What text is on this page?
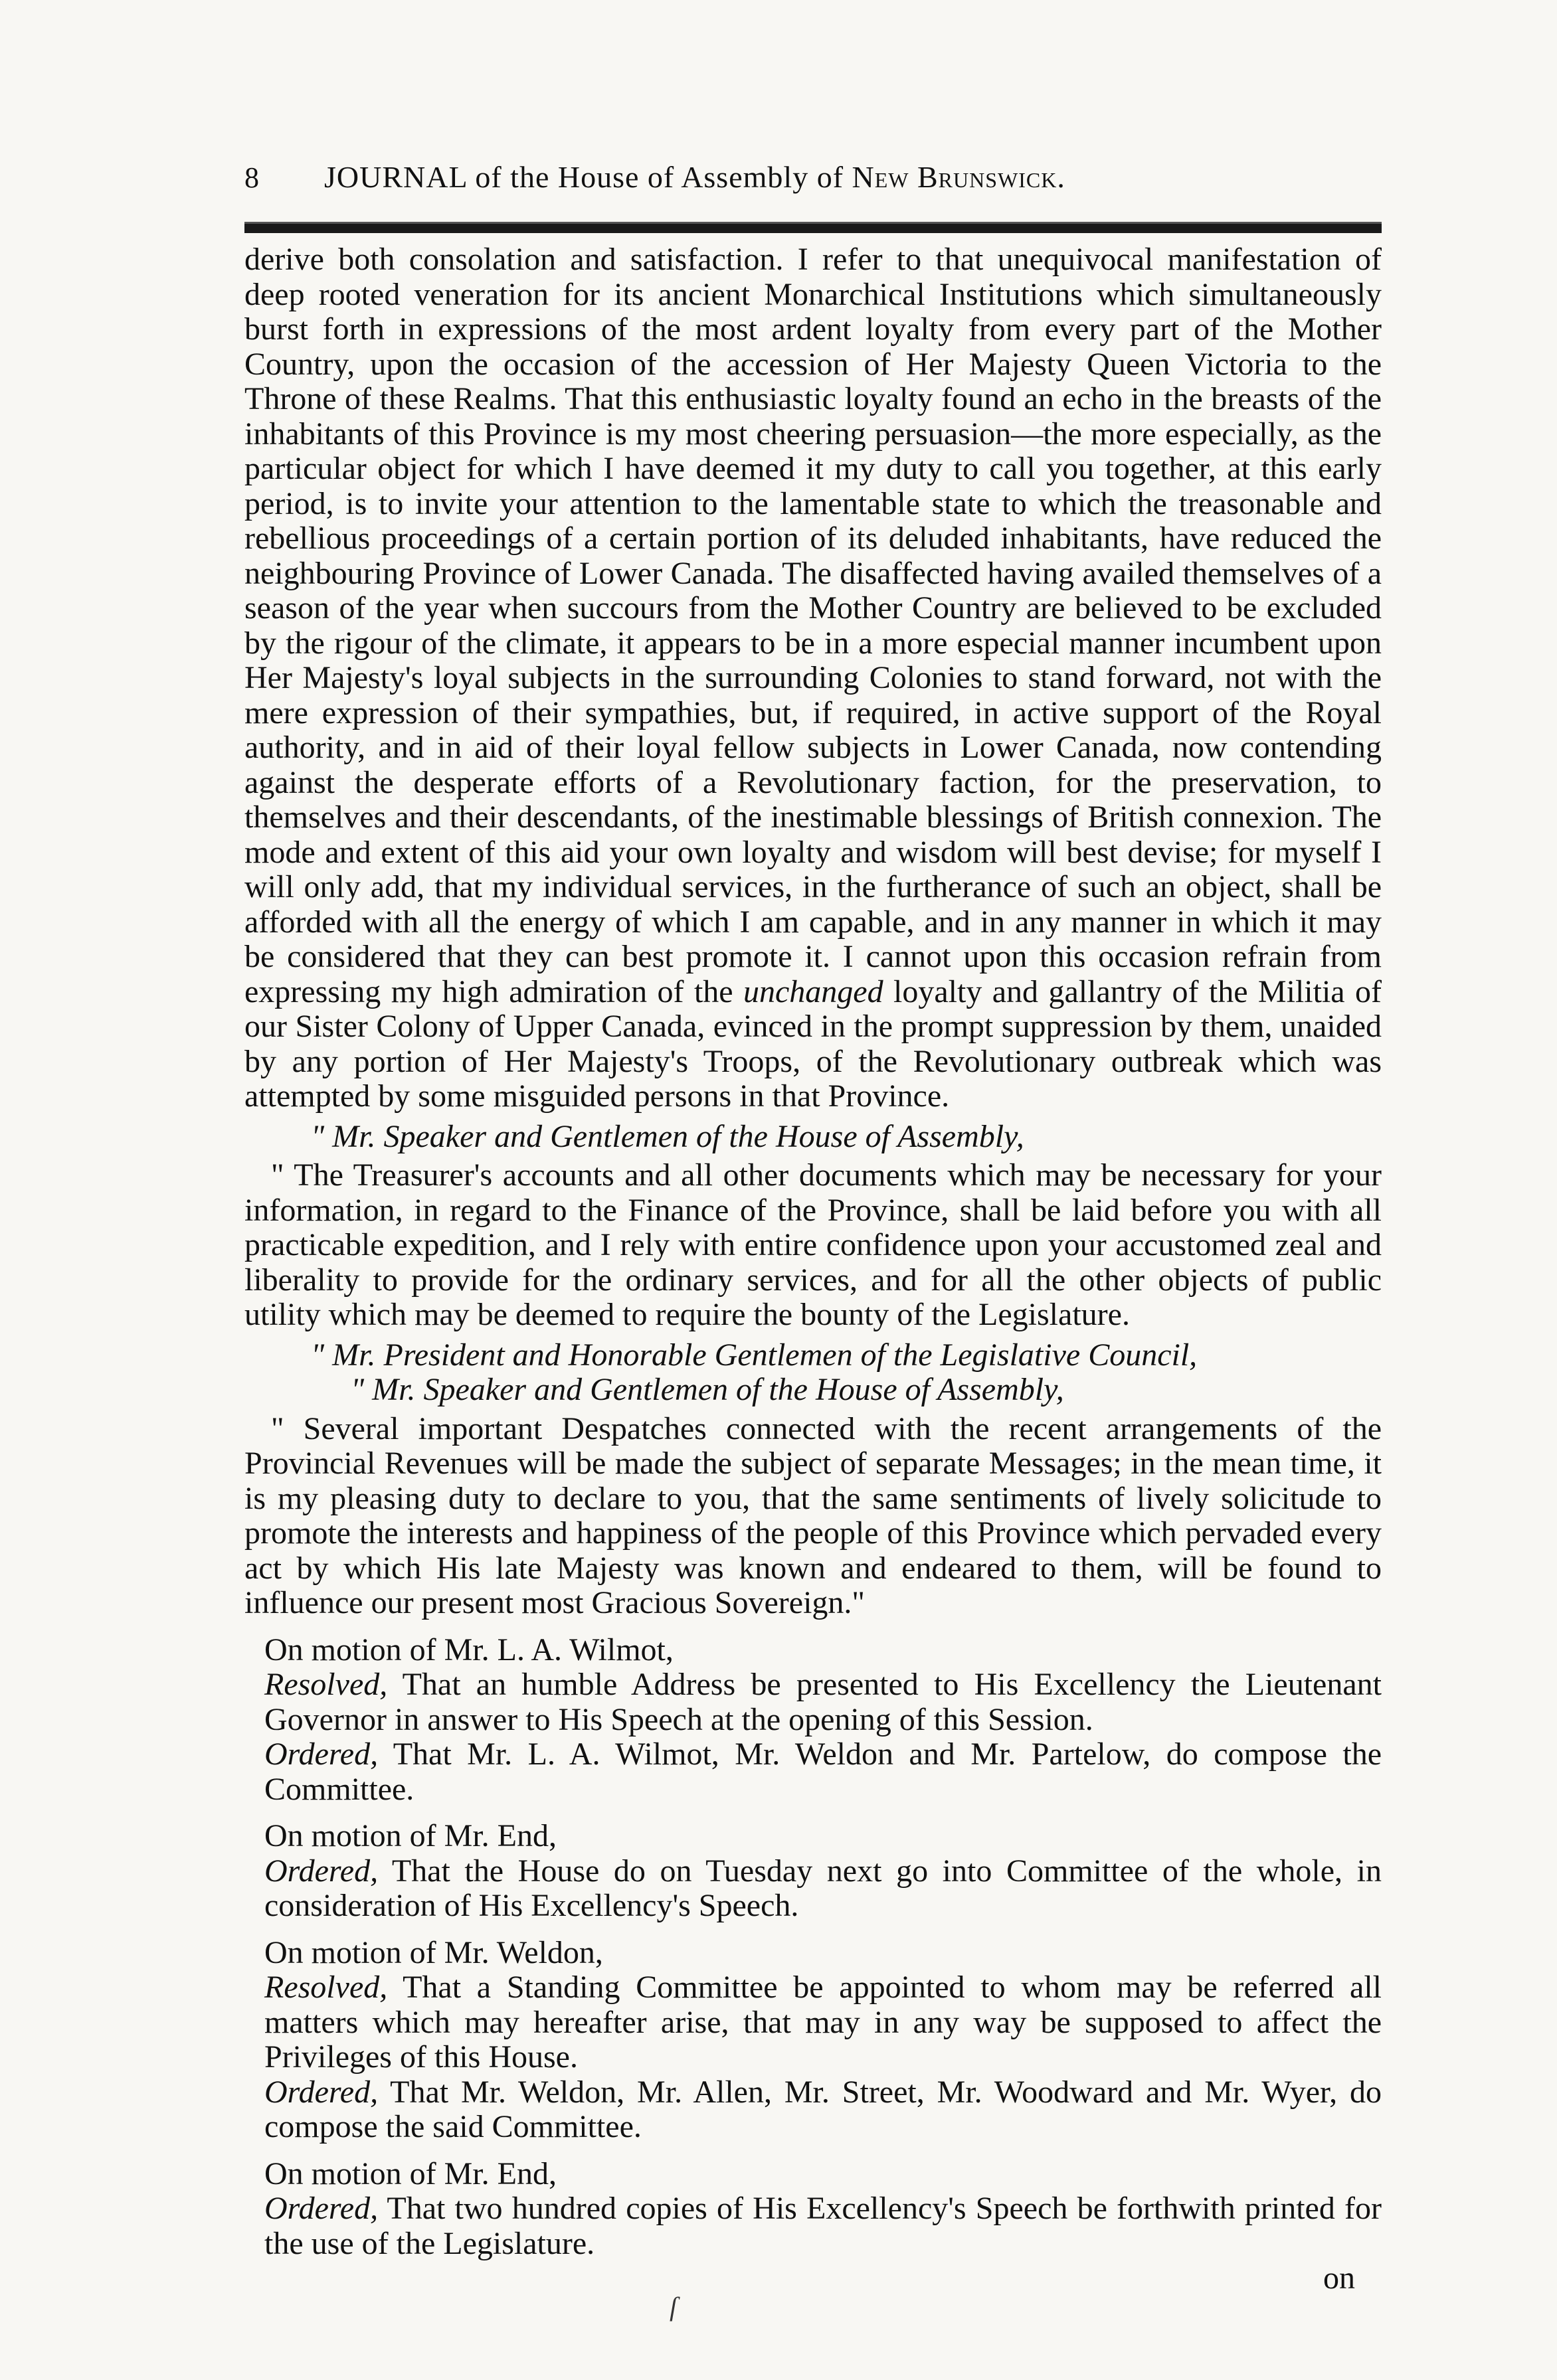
8	JOURNAL of the House of Assembly of New Brunswick.

derive both consolation and satisfaction. I refer to that unequivocal manifestation of deep rooted veneration for its ancient Monarchical Institutions which simultaneously burst forth in expressions of the most ardent loyalty from every part of the Mother Country, upon the occasion of the accession of Her Majesty Queen Victoria to the Throne of these Realms. That this enthusiastic loyalty found an echo in the breasts of the inhabitants of this Province is my most cheering persuasion—the more especially, as the particular object for which I have deemed it my duty to call you together, at this early period, is to invite your attention to the lamentable state to which the treasonable and rebellious proceedings of a certain portion of its deluded inhabitants, have reduced the neighbouring Province of Lower Canada. The disaffected having availed themselves of a season of the year when succours from the Mother Country are believed to be excluded by the rigour of the climate, it appears to be in a more especial manner incumbent upon Her Majesty's loyal subjects in the surrounding Colonies to stand forward, not with the mere expression of their sympathies, but, if required, in active support of the Royal authority, and in aid of their loyal fellow subjects in Lower Canada, now contending against the desperate efforts of a Revolutionary faction, for the preservation, to themselves and their descendants, of the inestimable blessings of British connexion. The mode and extent of this aid your own loyalty and wisdom will best devise; for myself I will only add, that my individual services, in the furtherance of such an object, shall be afforded with all the energy of which I am capable, and in any manner in which it may be considered that they can best promote it. I cannot upon this occasion refrain from expressing my high admiration of the unchanged loyalty and gallantry of the Militia of our Sister Colony of Upper Canada, evinced in the prompt suppression by them, unaided by any portion of Her Majesty's Troops, of the Revolutionary outbreak which was attempted by some misguided persons in that Province.

" Mr. Speaker and Gentlemen of the House of Assembly,

" The Treasurer's accounts and all other documents which may be necessary for your information, in regard to the Finance of the Province, shall be laid before you with all practicable expedition, and I rely with entire confidence upon your accustomed zeal and liberality to provide for the ordinary services, and for all the other objects of public utility which may be deemed to require the bounty of the Legislature.

" Mr. President and Honorable Gentlemen of the Legislative Council,
" Mr. Speaker and Gentlemen of the House of Assembly,

" Several important Despatches connected with the recent arrangements of the Provincial Revenues will be made the subject of separate Messages; in the mean time, it is my pleasing duty to declare to you, that the same sentiments of lively solicitude to promote the interests and happiness of the people of this Province which pervaded every act by which His late Majesty was known and endeared to them, will be found to influence our present most Gracious Sovereign."

On motion of Mr. L. A. Wilmot,

Resolved, That an humble Address be presented to His Excellency the Lieutenant Governor in answer to His Speech at the opening of this Session.

Ordered, That Mr. L. A. Wilmot, Mr. Weldon and Mr. Partelow, do compose the Committee.

On motion of Mr. End,

Ordered, That the House do on Tuesday next go into Committee of the whole, in consideration of His Excellency's Speech.

On motion of Mr. Weldon,

Resolved, That a Standing Committee be appointed to whom may be referred all matters which may hereafter arise, that may in any way be supposed to affect the Privileges of this House.

Ordered, That Mr. Weldon, Mr. Allen, Mr. Street, Mr. Woodward and Mr. Wyer, do compose the said Committee.

On motion of Mr. End,

Ordered, That two hundred copies of His Excellency's Speech be forthwith printed for the use of the Legislature.

on
ſ
